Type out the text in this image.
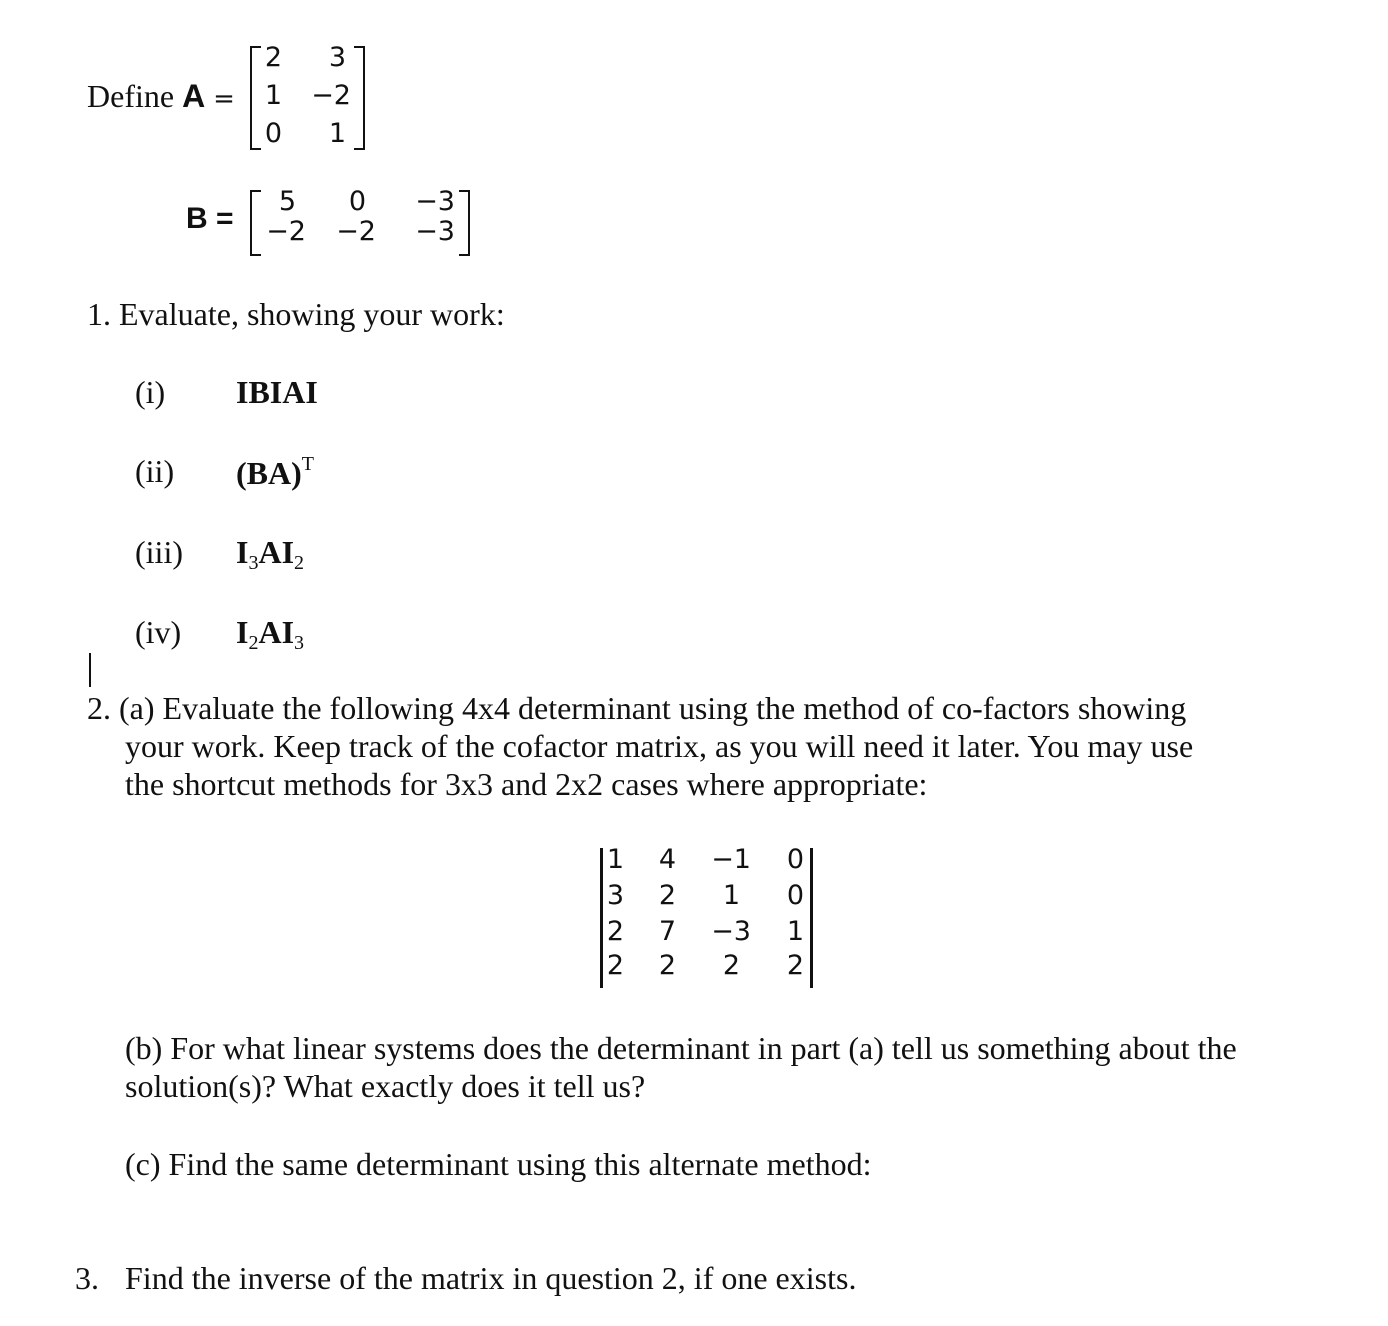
Define A =
2	3
1 −2
0	1
B =
5	0	−3
−2	−2	−3
1. Evaluate, showing your work:
(i) IBIAI
(ii) (BA)$^T$
(iii) $I_3AI_2$
(iv) $I_2AI_3$
2. (a) Evaluate the following 4x4 determinant using the method of co-factors showing
your work. Keep track of the cofactor matrix, as you will need it later. You may use
the shortcut methods for 3x3 and 2x2 cases where appropriate:
1 4 −1 0
3 2	1 0
2 7	−3 1
2 2	2 2
(b) For what linear systems does the determinant in part (a) tell us something about the
solution(s)? What exactly does it tell us?
(c) Find the same determinant using this alternate method:
3. Find the inverse of the matrix in question 2, if one exists.
